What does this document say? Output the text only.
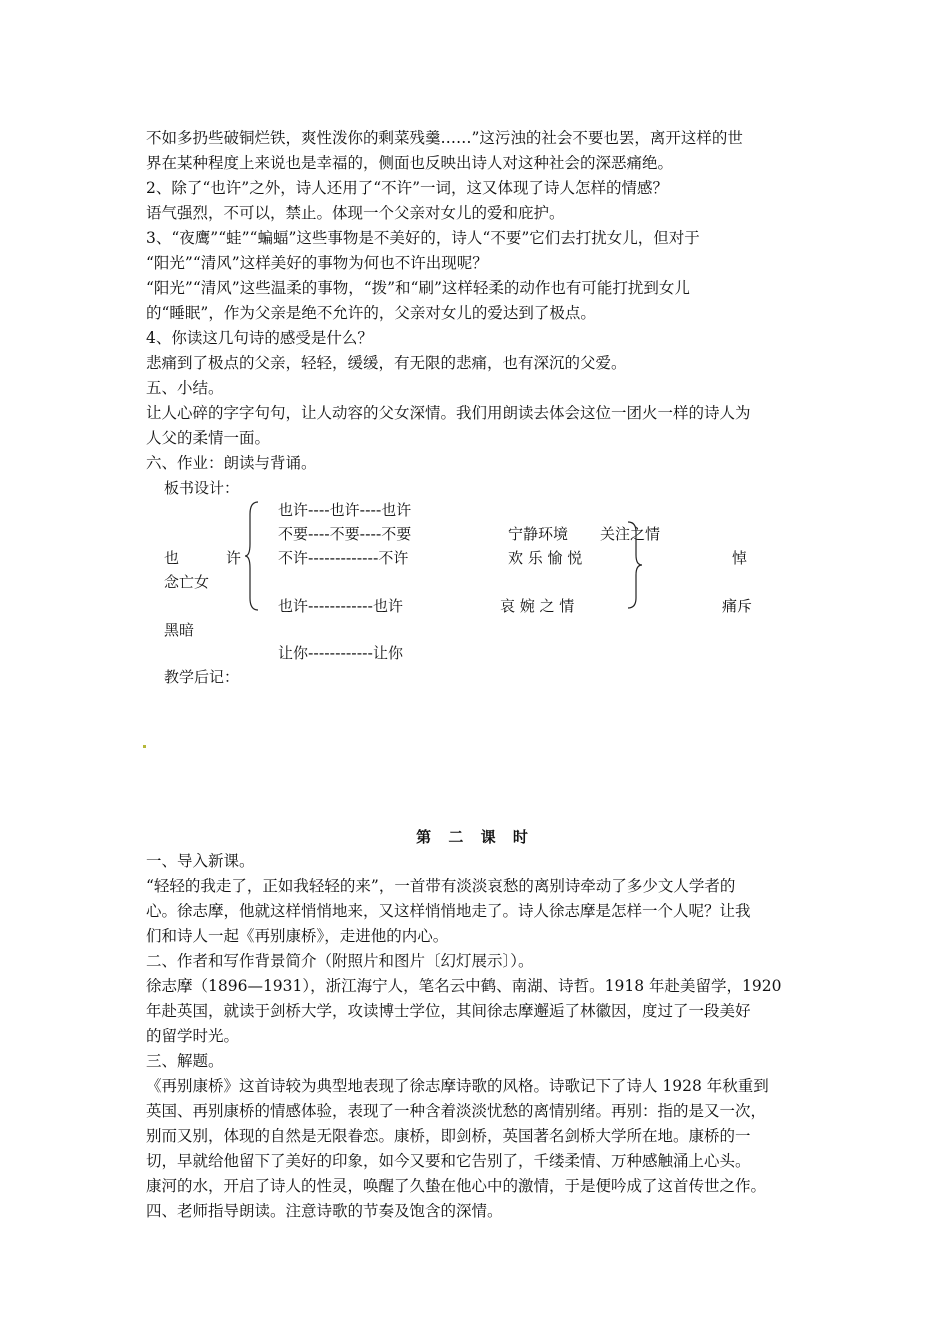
不如多扔些破铜烂铁，爽性泼你的剩菜残羹……”这污浊的社会不要也罢，离开这样的世
界在某种程度上来说也是幸福的，侧面也反映出诗人对这种社会的深恶痛绝。
2、除了“也许”之外，诗人还用了“不许”一词，这又体现了诗人怎样的情感？
语气强烈，不可以，禁止。体现一个父亲对女儿的爱和庇护。
3、“夜鹰”“蛙”“蝙蝠”这些事物是不美好的，诗人“不要”它们去打扰女儿，但对于
“阳光”“清风”这样美好的事物为何也不许出现呢？
“阳光”“清风”这些温柔的事物，“拨”和“刷”这样轻柔的动作也有可能打扰到女儿
的“睡眠”，作为父亲是绝不允许的，父亲对女儿的爱达到了极点。
4、你读这几句诗的感受是什么？
悲痛到了极点的父亲，轻轻，缓缓，有无限的悲痛，也有深沉的父爱。
五、小结。
让人心碎的字字句句，让人动容的父女深情。我们用朗读去体会这位一团火一样的诗人为
人父的柔情一面。
六、作业：朗读与背诵。
板书设计：
也许----也许----也许
不要----不要----不要	宁静环境 关注之情
也	许 不许-------------不许	欢 乐 愉 悦	悼
念亡女
也许------------也许	哀 婉 之 情	痛斥
黑暗
让你------------让你
教学后记：
第 二 课 时
一、导入新课。
“轻轻的我走了，正如我轻轻的来”，一首带有淡淡哀愁的离别诗牵动了多少文人学者的
心。徐志摩，他就这样悄悄地来，又这样悄悄地走了。诗人徐志摩是怎样一个人呢？让我
们和诗人一起《再别康桥》，走进他的内心。
二、作者和写作背景简介（附照片和图片〔幻灯展示〕）。
徐志摩（1896—1931），浙江海宁人，笔名云中鹤、南湖、诗哲。1918 年赴美留学，1920
年赴英国，就读于剑桥大学，攻读博士学位，其间徐志摩邂逅了林徽因，度过了一段美好
的留学时光。
三、解题。
《再别康桥》这首诗较为典型地表现了徐志摩诗歌的风格。诗歌记下了诗人 1928 年秋重到
英国、再别康桥的情感体验，表现了一种含着淡淡忧愁的离情别绪。再别：指的是又一次，
别而又别，体现的自然是无限眷恋。康桥，即剑桥，英国著名剑桥大学所在地。康桥的一
切，早就给他留下了美好的印象，如今又要和它告别了，千缕柔情、万种感触涌上心头。
康河的水，开启了诗人的性灵，唤醒了久蛰在他心中的激情，于是便吟成了这首传世之作。
四、老师指导朗读。注意诗歌的节奏及饱含的深情。
